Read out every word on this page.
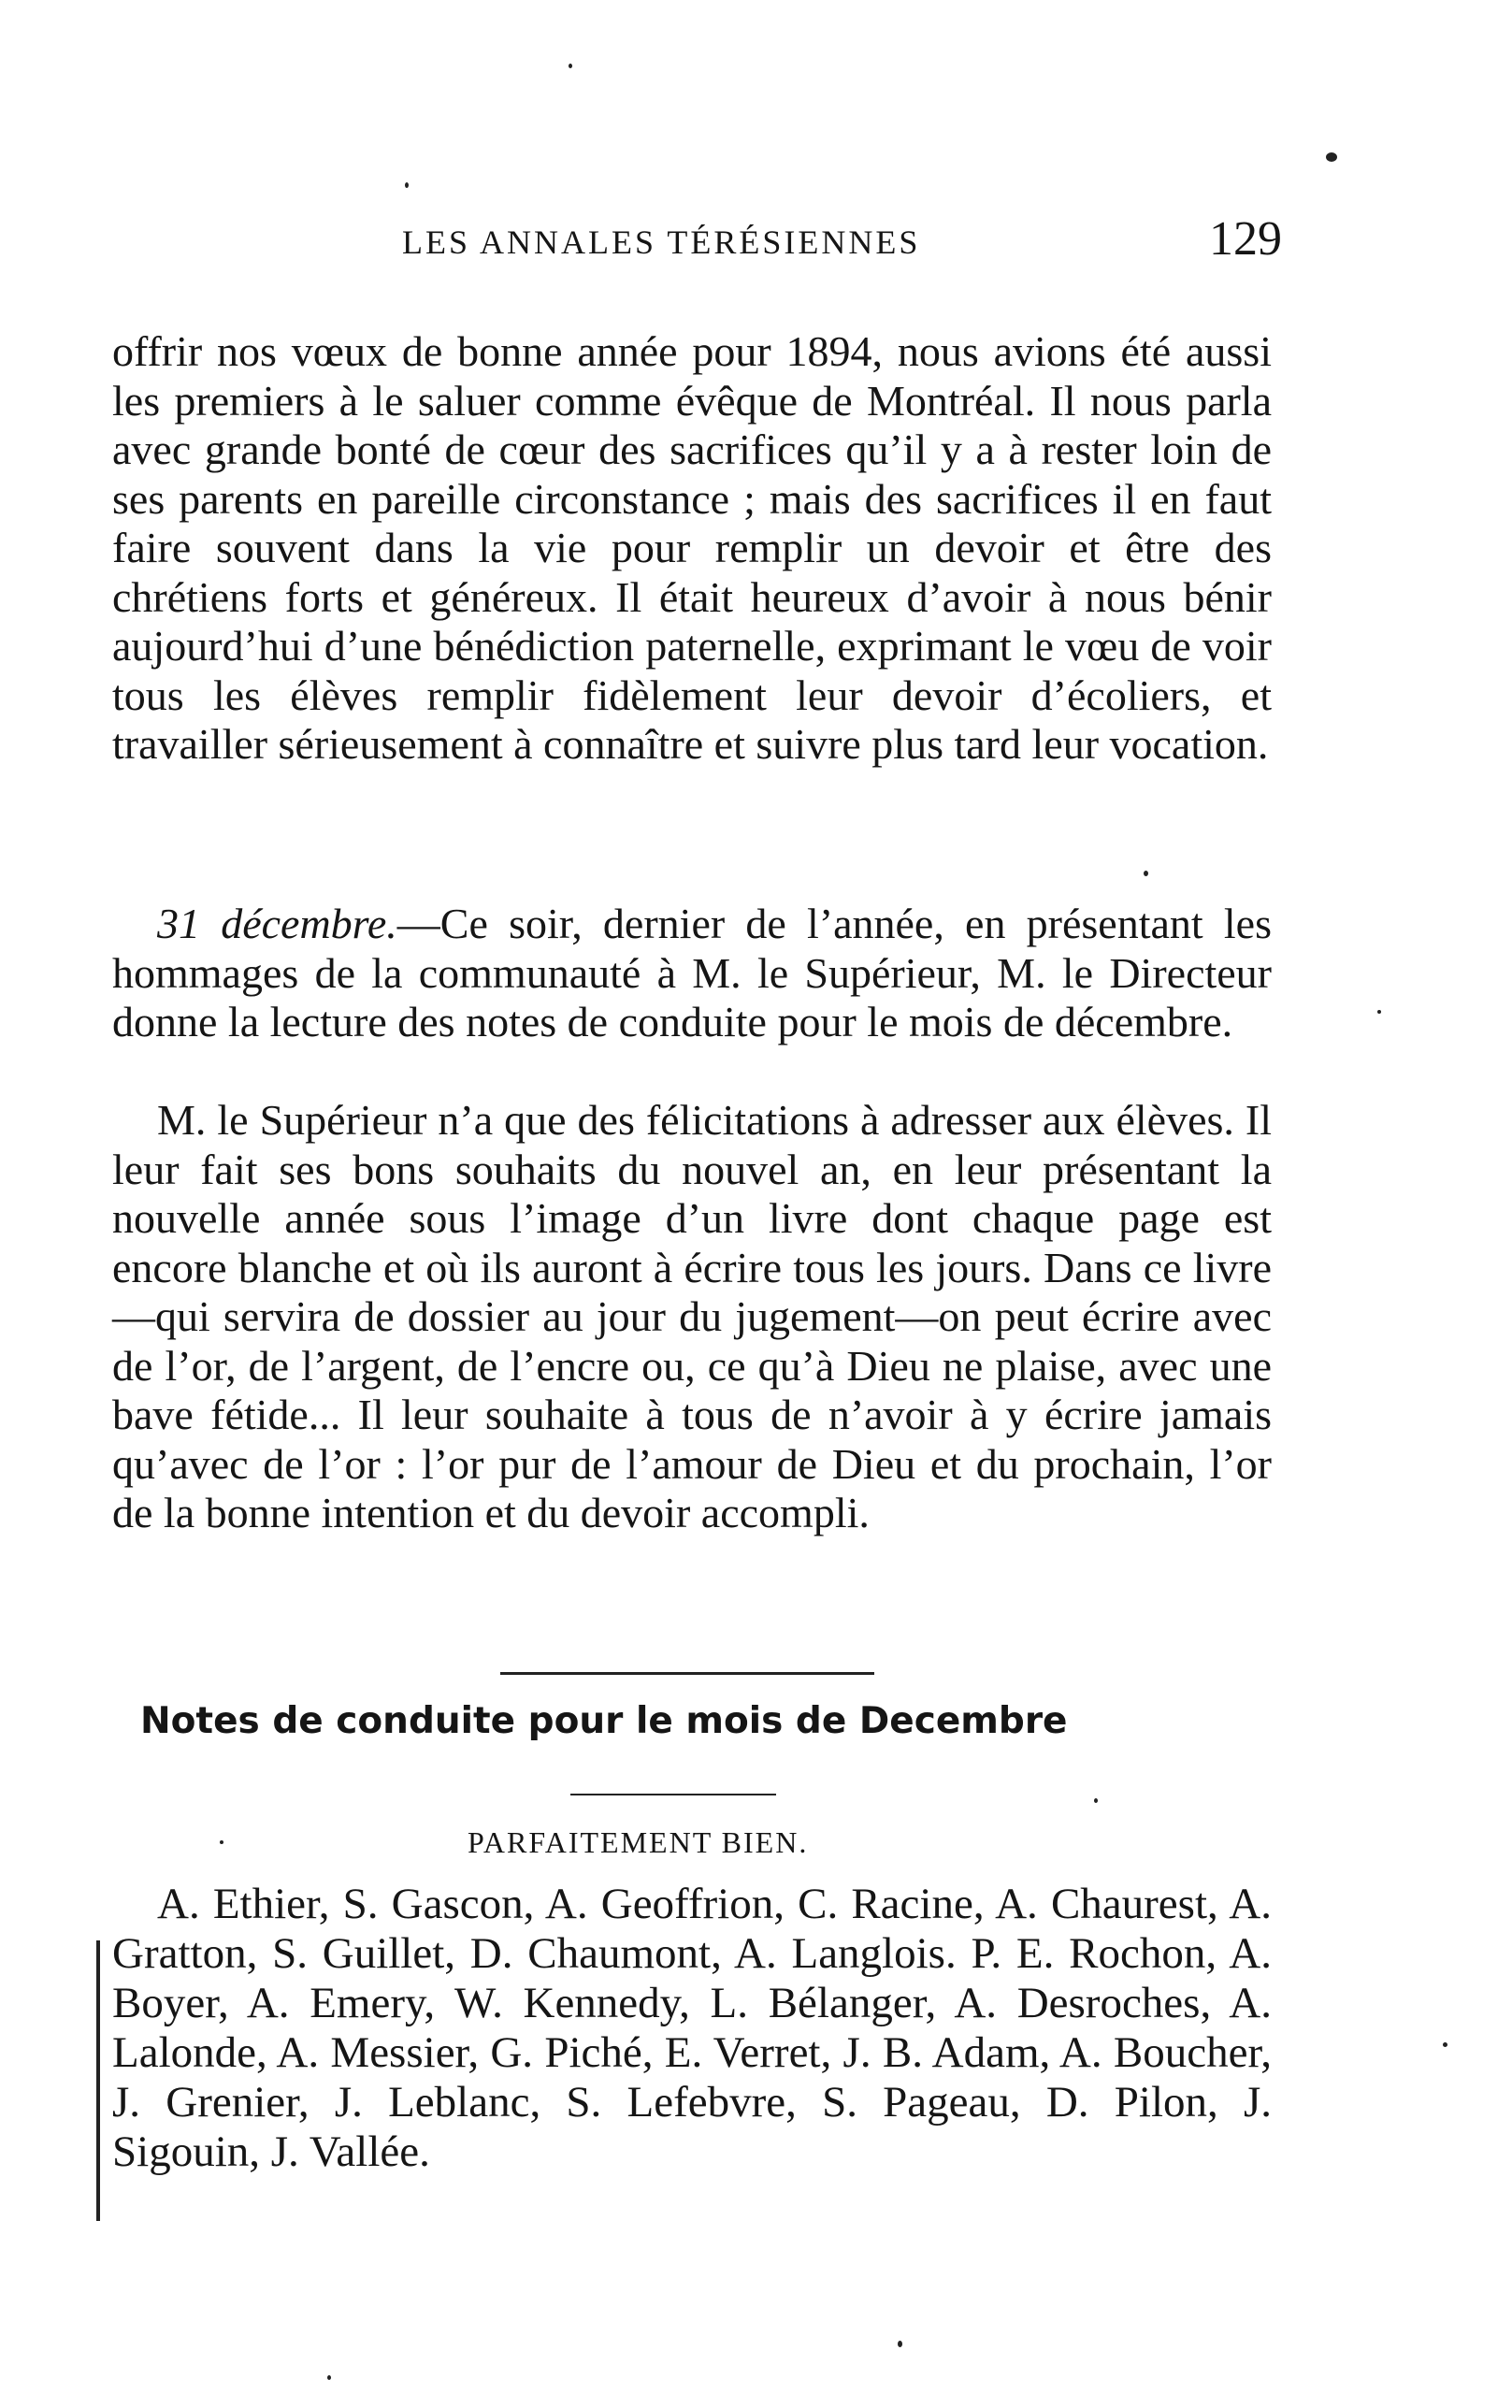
LES ANNALES TÉRÉSIENNES	129

offrir nos vœux de bonne année pour 1894, nous avions été aussi les premiers à le saluer comme évêque de Montréal. Il nous parla avec grande bonté de cœur des sacrifices qu’il y a à rester loin de ses parents en pareille circonstance ; mais des sacrifices il en faut faire souvent dans la vie pour remplir un devoir et être des chrétiens forts et généreux. Il était heureux d’avoir à nous bénir aujourd’hui d’une bénédiction paternelle, exprimant le vœu de voir tous les élèves remplir fidèlement leur devoir d’écoliers, et travailler sérieusement à connaître et suivre plus tard leur vocation.

31 décembre.—Ce soir, dernier de l’année, en présentant les hommages de la communauté à M. le Supérieur, M. le Directeur donne la lecture des notes de conduite pour le mois de décembre.

M. le Supérieur n’a que des félicitations à adresser aux élèves. Il leur fait ses bons souhaits du nouvel an, en leur présentant la nouvelle année sous l’image d’un livre dont chaque page est encore blanche et où ils auront à écrire tous les jours. Dans ce livre—qui servira de dossier au jour du jugement—on peut écrire avec de l’or, de l’argent, de l’encre ou, ce qu’à Dieu ne plaise, avec une bave fétide... Il leur souhaite à tous de n’avoir à y écrire jamais qu’avec de l’or : l’or pur de l’amour de Dieu et du prochain, l’or de la bonne intention et du devoir accompli.

Notes de conduite pour le mois de Decembre
PARFAITEMENT BIEN.

A. Ethier, S. Gascon, A. Geoffrion, C. Racine, A. Chaurest, A. Gratton, S. Guillet, D. Chaumont, A. Langlois. P. E. Rochon, A. Boyer, A. Emery, W. Kennedy, L. Bélanger, A. Desroches, A. Lalonde, A. Messier, G. Piché, E. Verret, J. B. Adam, A. Boucher, J. Grenier, J. Leblanc, S. Lefebvre, S. Pageau, D. Pilon, J. Sigouin, J. Vallée.
